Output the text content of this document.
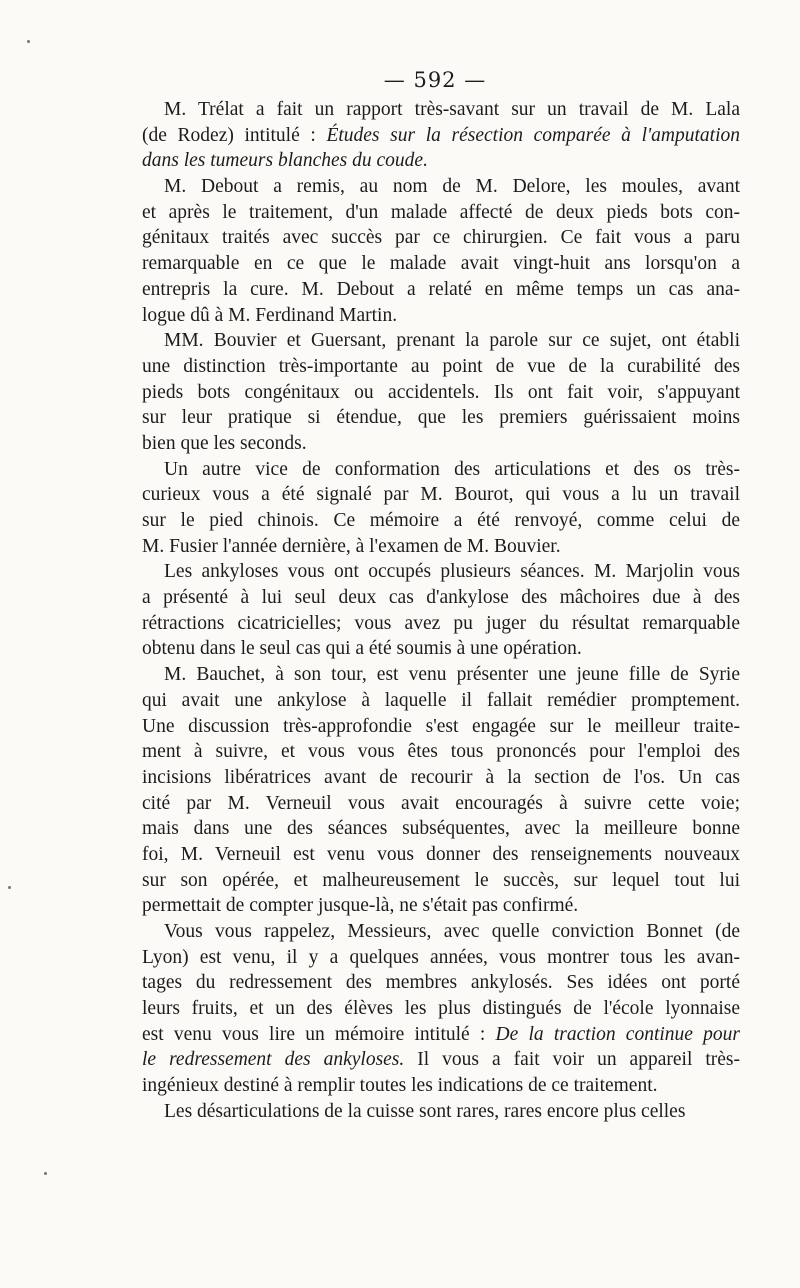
— 592 —
M. Trélat a fait un rapport très-savant sur un travail de M. Lala
(de Rodez) intitulé : Études sur la résection comparée à l'amputation
dans les tumeurs blanches du coude.
M. Debout a remis, au nom de M. Delore, les moules, avant
et après le traitement, d'un malade affecté de deux pieds bots con-
génitaux traités avec succès par ce chirurgien. Ce fait vous a paru
remarquable en ce que le malade avait vingt-huit ans lorsqu'on a
entrepris la cure. M. Debout a relaté en même temps un cas ana-
logue dû à M. Ferdinand Martin.
MM. Bouvier et Guersant, prenant la parole sur ce sujet, ont établi
une distinction très-importante au point de vue de la curabilité des
pieds bots congénitaux ou accidentels. Ils ont fait voir, s'appuyant
sur leur pratique si étendue, que les premiers guérissaient moins
bien que les seconds.
Un autre vice de conformation des articulations et des os très-
curieux vous a été signalé par M. Bourot, qui vous a lu un travail
sur le pied chinois. Ce mémoire a été renvoyé, comme celui de
M. Fusier l'année dernière, à l'examen de M. Bouvier.
Les ankyloses vous ont occupés plusieurs séances. M. Marjolin vous
a présenté à lui seul deux cas d'ankylose des mâchoires due à des
rétractions cicatricielles; vous avez pu juger du résultat remarquable
obtenu dans le seul cas qui a été soumis à une opération.
M. Bauchet, à son tour, est venu présenter une jeune fille de Syrie
qui avait une ankylose à laquelle il fallait remédier promptement.
Une discussion très-approfondie s'est engagée sur le meilleur traite-
ment à suivre, et vous vous êtes tous prononcés pour l'emploi des
incisions libératrices avant de recourir à la section de l'os. Un cas
cité par M. Verneuil vous avait encouragés à suivre cette voie;
mais dans une des séances subséquentes, avec la meilleure bonne
foi, M. Verneuil est venu vous donner des renseignements nouveaux
sur son opérée, et malheureusement le succès, sur lequel tout lui
permettait de compter jusque-là, ne s'était pas confirmé.
Vous vous rappelez, Messieurs, avec quelle conviction Bonnet (de
Lyon) est venu, il y a quelques années, vous montrer tous les avan-
tages du redressement des membres ankylosés. Ses idées ont porté
leurs fruits, et un des élèves les plus distingués de l'école lyonnaise
est venu vous lire un mémoire intitulé : De la traction continue pour
le redressement des ankyloses. Il vous a fait voir un appareil très-
ingénieux destiné à remplir toutes les indications de ce traitement.
Les désarticulations de la cuisse sont rares, rares encore plus celles
